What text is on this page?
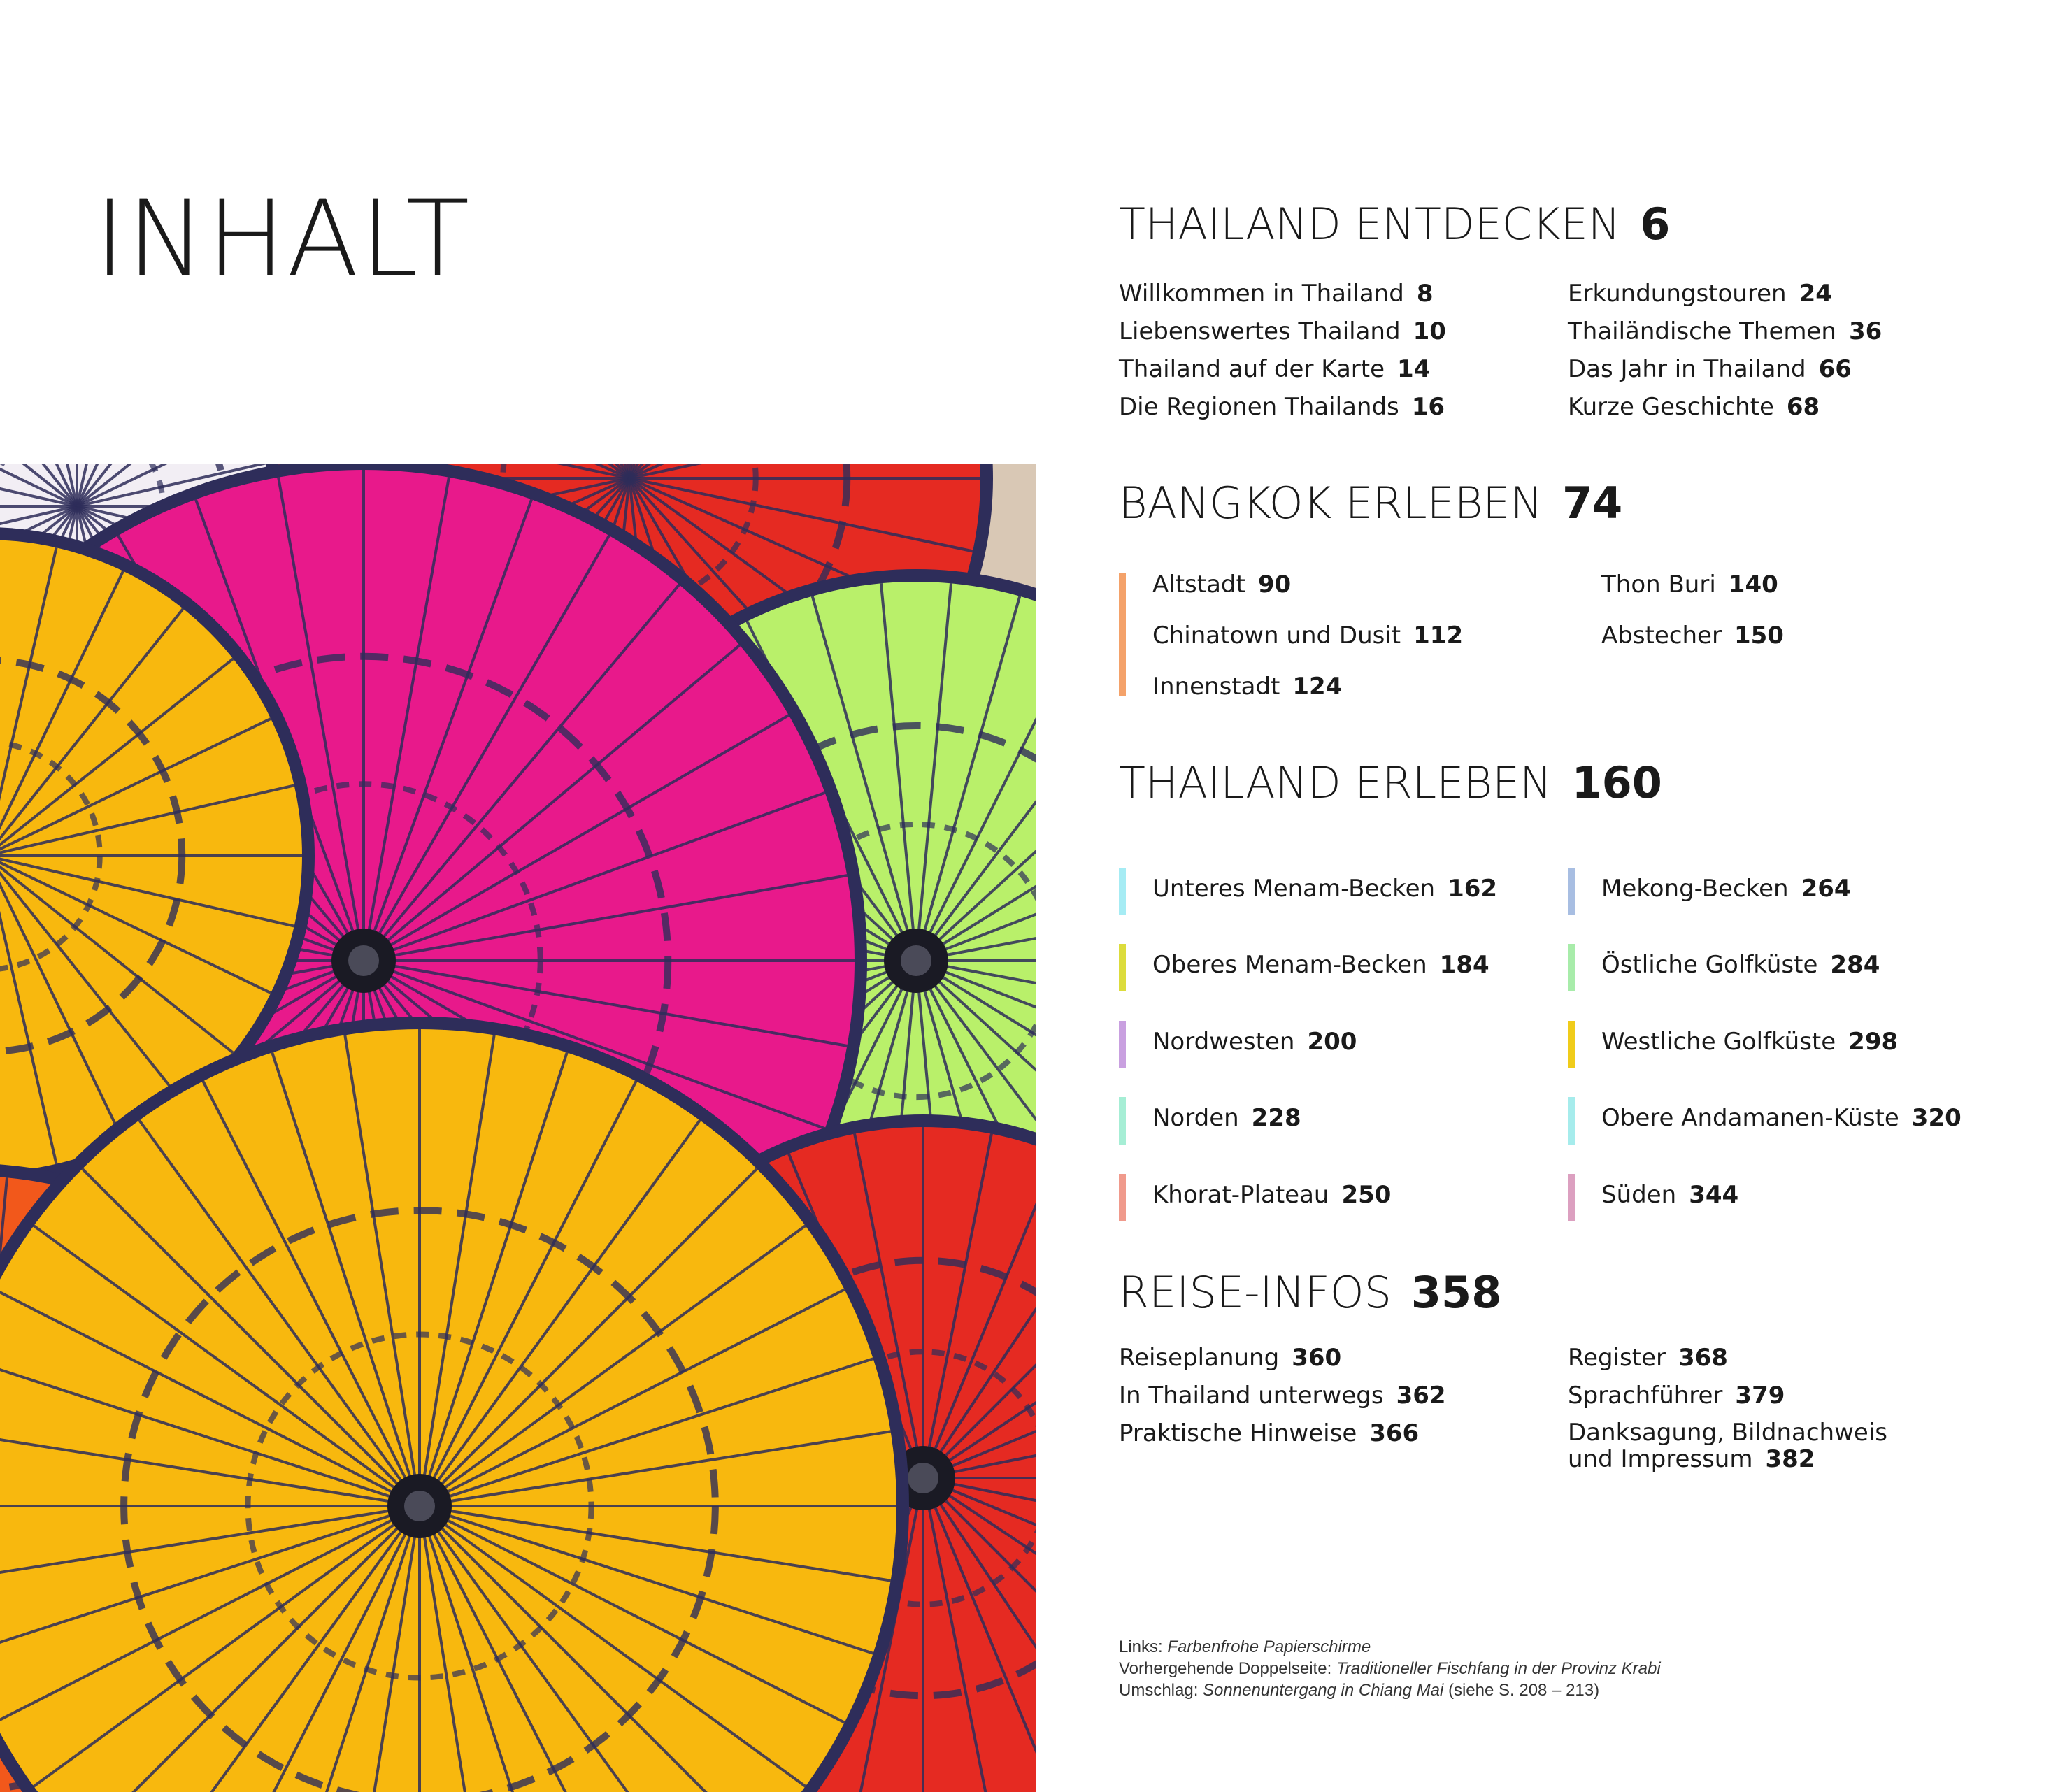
INHALT	THAILAND ENTDECKEN 6
Willkommen in Thailand 8
Liebenswertes Thailand 10
Thailand auf der Karte 14
Die Regionen Thailands 16
Erkundungstouren 24
Thailändische Themen 36
Das Jahr in Thailand 66
Kurze Geschichte 68
BANGKOK ERLEBEN 74
Altstadt 90
Chinatown und Dusit 112
Innenstadt 124
Thon Buri 140
Abstecher 150
THAILAND ERLEBEN 160
Unteres Menam-Becken 162
Oberes Menam-Becken 184
Nordwesten 200
Norden 228
Khorat-Plateau 250
Mekong-Becken 264
Östliche Golfküste 284
Westliche Golfküste 298
Obere Andamanen-Küste 320
Süden 344
REISE-INFOS 358
Reiseplanung 360
In Thailand unterwegs 362
Praktische Hinweise 366
Register 368
Sprachführer 379
Danksagung, Bildnachweis
und Impressum 382
Links: Farbenfrohe Papierschirme
Vorhergehende Doppelseite: Traditioneller Fischfang in der Provinz Krabi
Umschlag: Sonnenuntergang in Chiang Mai (siehe S. 208 – 213)
